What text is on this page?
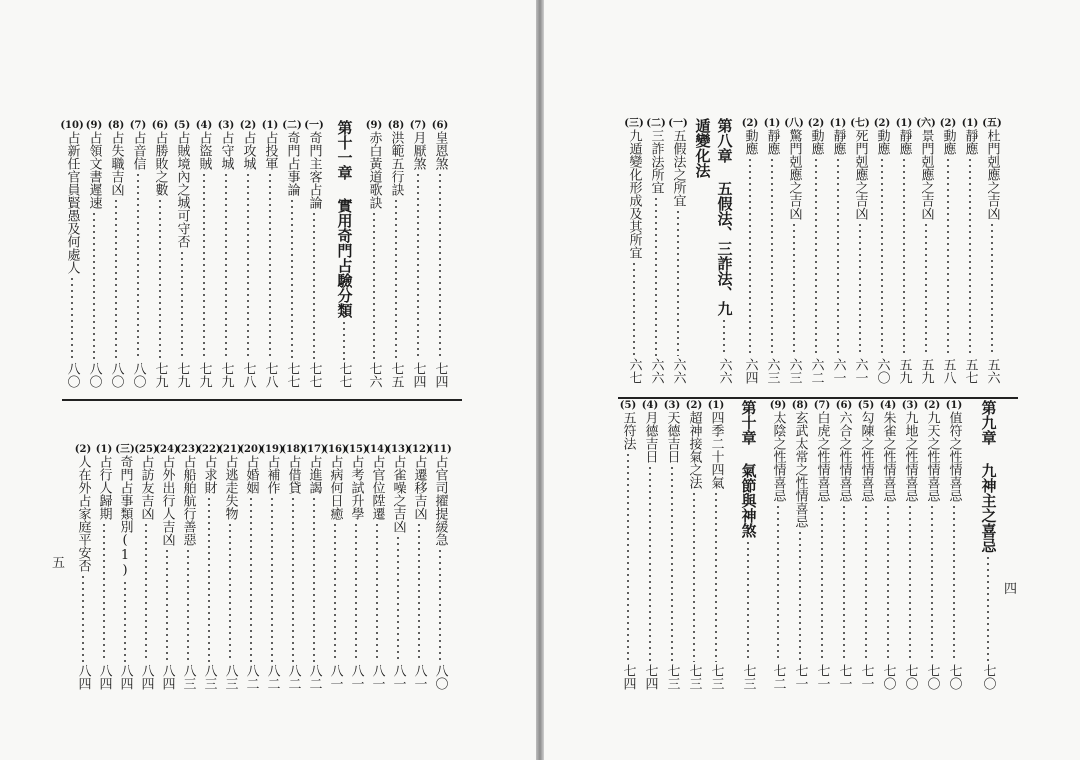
(6)
皇恩煞
七四
(7)
月厭煞
七四
(8)
洪範五行訣
七五
(9)
赤白黃道歌訣
七六
第十一章 實用奇門占驗分類
七七
(一)
奇門主客占論
七七
(二)
奇門占事論
七七
(1)
占投軍
七八
(2)
占攻城
七八
(3)
占守城
七九
(4)
占盜賊
七九
(5)
占賊境內之城可守否
七九
(6)
占勝敗之數
七九
(7)
占音信
八〇
(8)
占失職吉凶
八〇
(9)
占領文書遲速
八〇
(10)
占新任官員賢愚及何處人
八〇
(11)
占官司擢提緩急
八〇
(12)
占遷移吉凶
八一
(13)
占雀噪之吉凶
八一
(14)
占官位陞遷
八一
(15)
占考試升學
八一
(16)
占病何日癒
八一
(17)
占進謁
八二
(18)
占借貸
八二
(19)
占補作
八二
(20)
占婚姻
八二
(21)
占逃走失物
八三
(22)
占求財
八三
(23)
占船舶航行善惡
八三
(24)
占外出行人吉凶
八四
(25)
占訪友吉凶
八四
(三)
奇門占事類別(1)
八四
(1)
占行人歸期
八四
(2)
人在外占家庭平安否
八四
五
(五)
杜門剋應之吉凶
五六
(1)
靜應
五七
(2)
動應
五八
(六)
景門剋應之吉凶
五九
(1)
靜應
五九
(2)
動應
六〇
(七)
死門剋應之吉凶
六一
(1)
靜應
六一
(2)
動應
六二
(八)
驚門剋應之吉凶
六三
(1)
靜應
六三
(2)
動應
六四
第八章 五假法、三詐法、九
六六
遁變化法
(一)
五假法之所宜
六六
(二)
三詐法所宜
六六
(三)
九遁變化形成及其所宜
六七
第九章 九神主之喜忌
七〇
(1)
值符之性情喜忌
七〇
(2)
九天之性情喜忌
七〇
(3)
九地之性情喜忌
七〇
(4)
朱雀之性情喜忌
七〇
(5)
勾陳之性情喜忌
七一
(6)
六合之性情喜忌
七一
(7)
白虎之性情喜忌
七一
(8)
玄武太常之性情喜忌
七一
(9)
太陰之性情喜忌
七二
第十章 氣節與神煞
七三
(1)
四季二十四氣
七三
(2)
超神接氣之法
七三
(3)
天德吉日
七三
(4)
月德吉日
七四
(5)
五符法
七四
四
